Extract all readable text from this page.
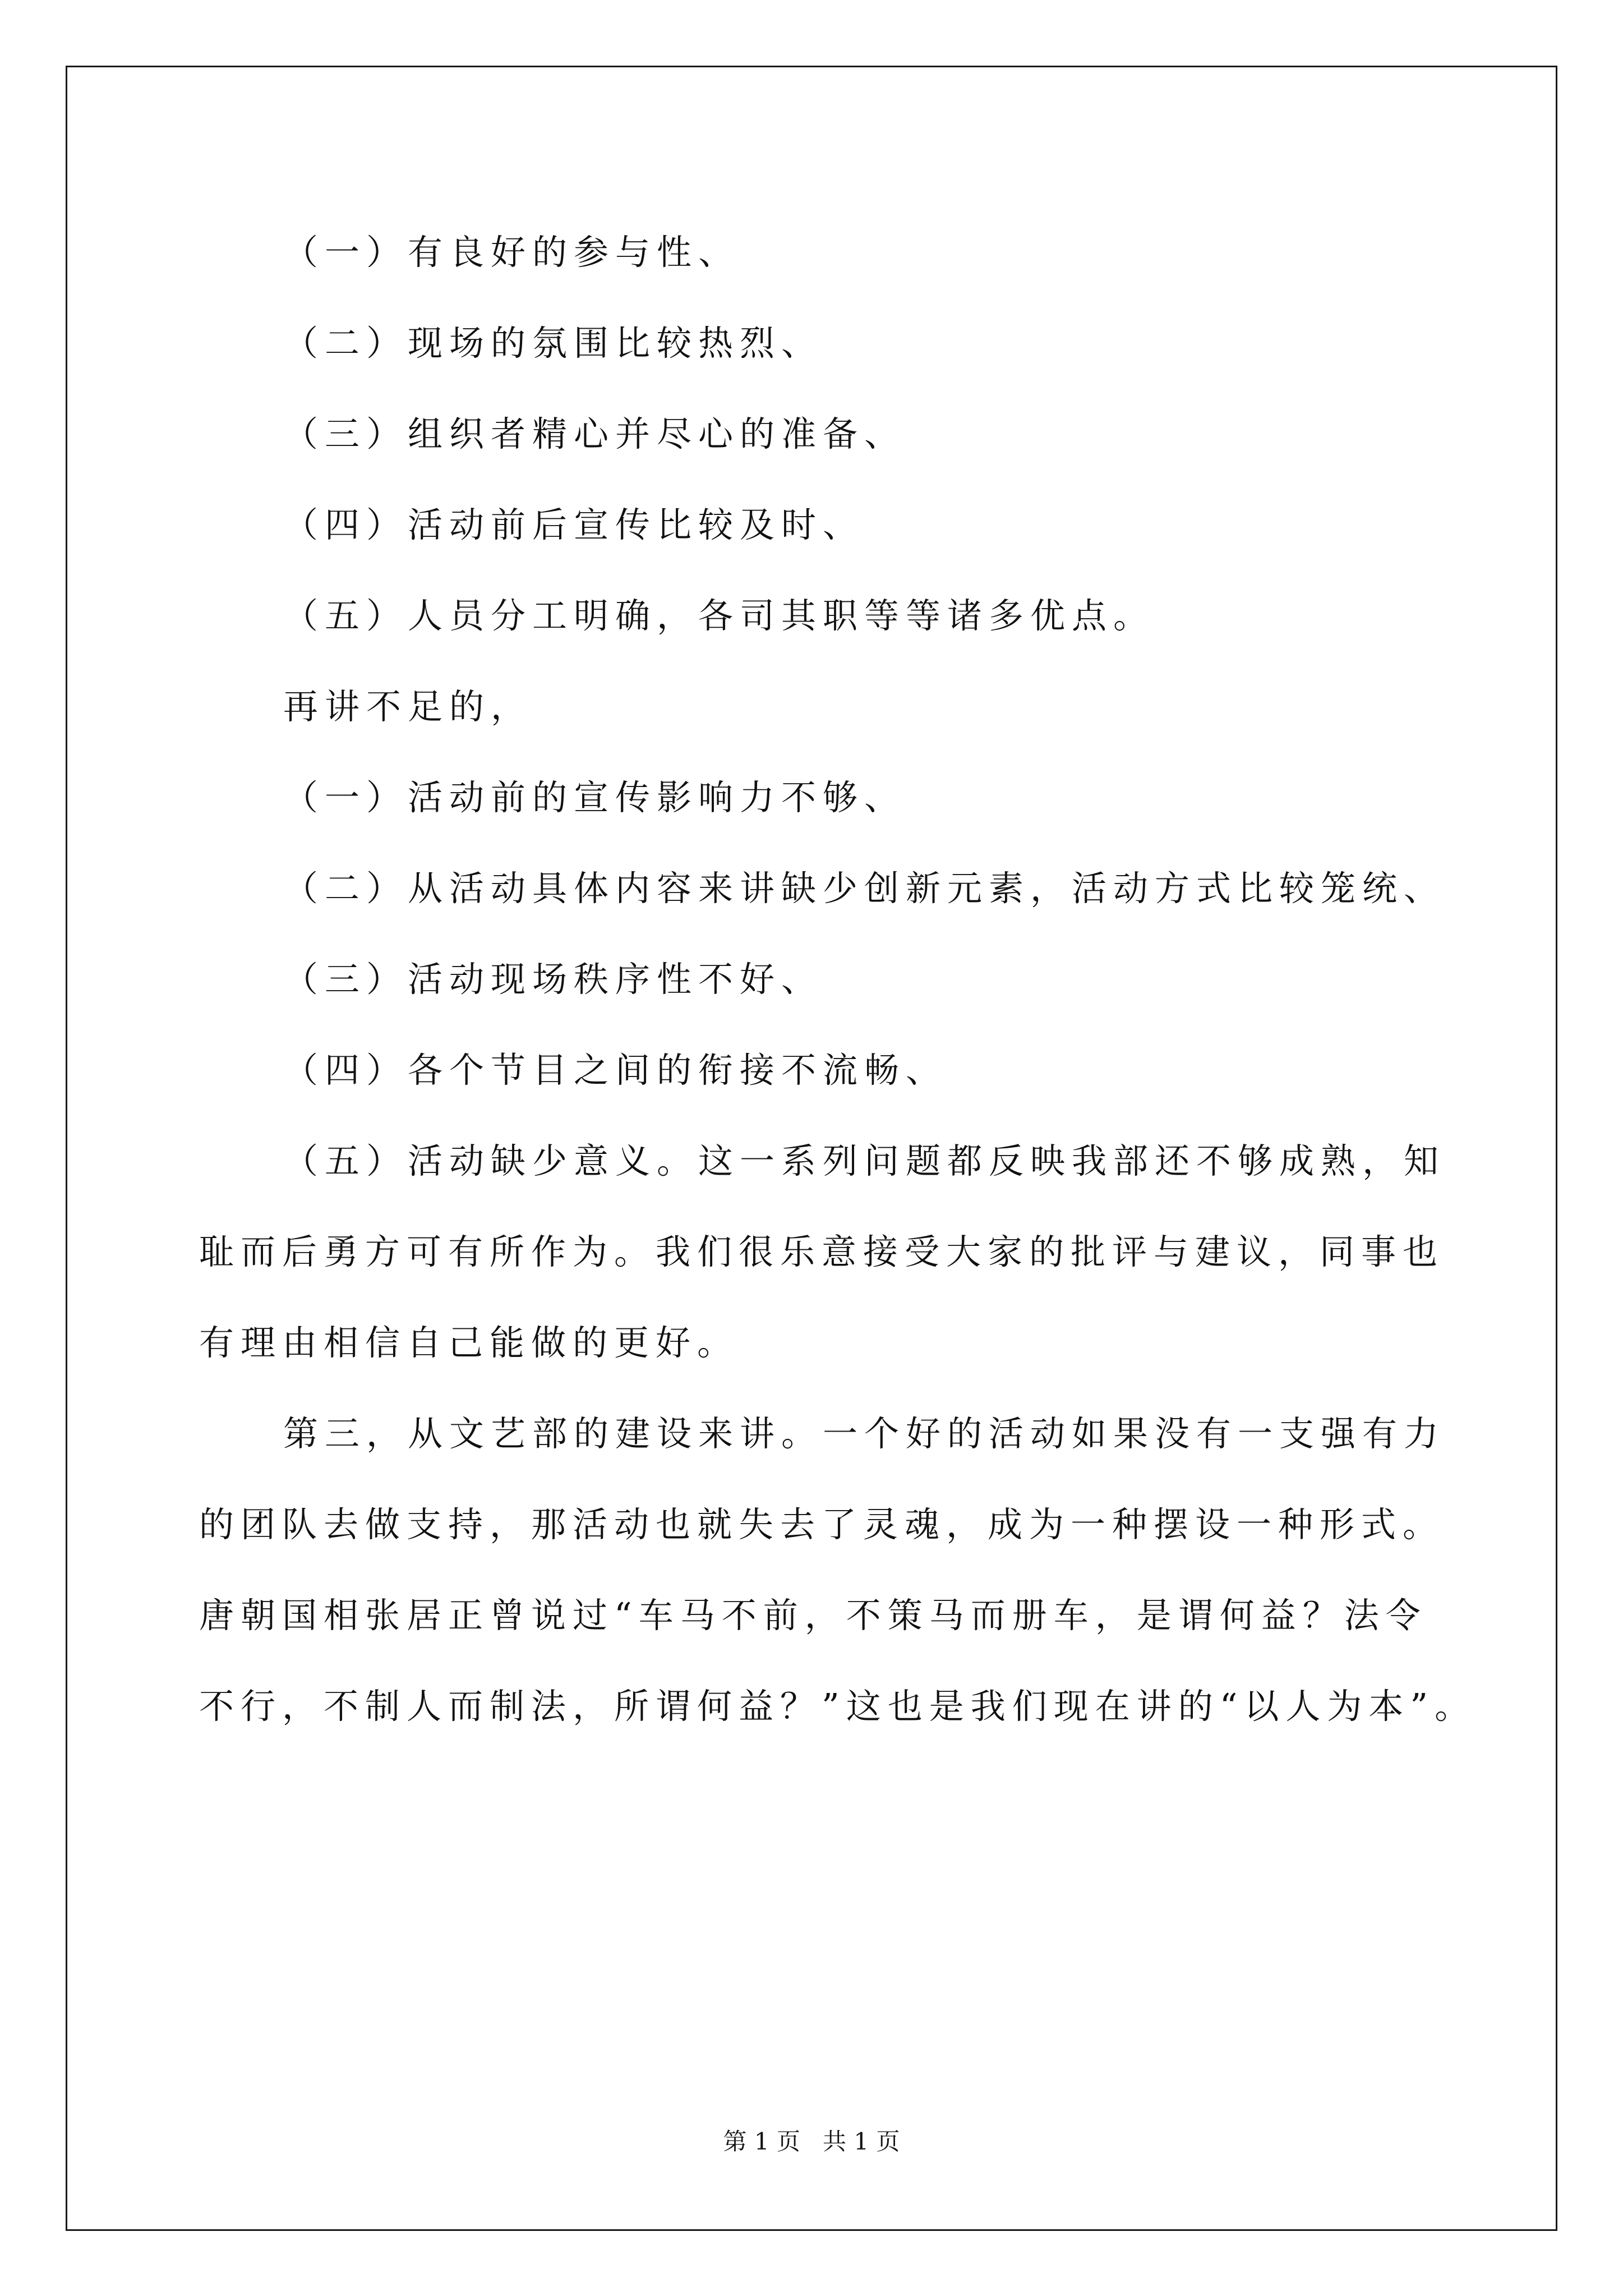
（一）有良好的参与性、
（二）现场的氛围比较热烈、
（三）组织者精心并尽心的准备、
（四）活动前后宣传比较及时、
（五）人员分工明确，各司其职等等诸多优点。
再讲不足的，
（一）活动前的宣传影响力不够、
（二）从活动具体内容来讲缺少创新元素，活动方式比较笼统、
（三）活动现场秩序性不好、
（四）各个节目之间的衔接不流畅、
（五）活动缺少意义。这一系列问题都反映我部还不够成熟，知
耻而后勇方可有所作为。我们很乐意接受大家的批评与建议，同事也
有理由相信自己能做的更好。
第三，从文艺部的建设来讲。一个好的活动如果没有一支强有力
的团队去做支持，那活动也就失去了灵魂，成为一种摆设一种形式。
唐朝国相张居正曾说过“车马不前，不策马而册车，是谓何益？法令
不行，不制人而制法，所谓何益？”这也是我们现在讲的“以人为本”。
第 1 页   共 1 页
